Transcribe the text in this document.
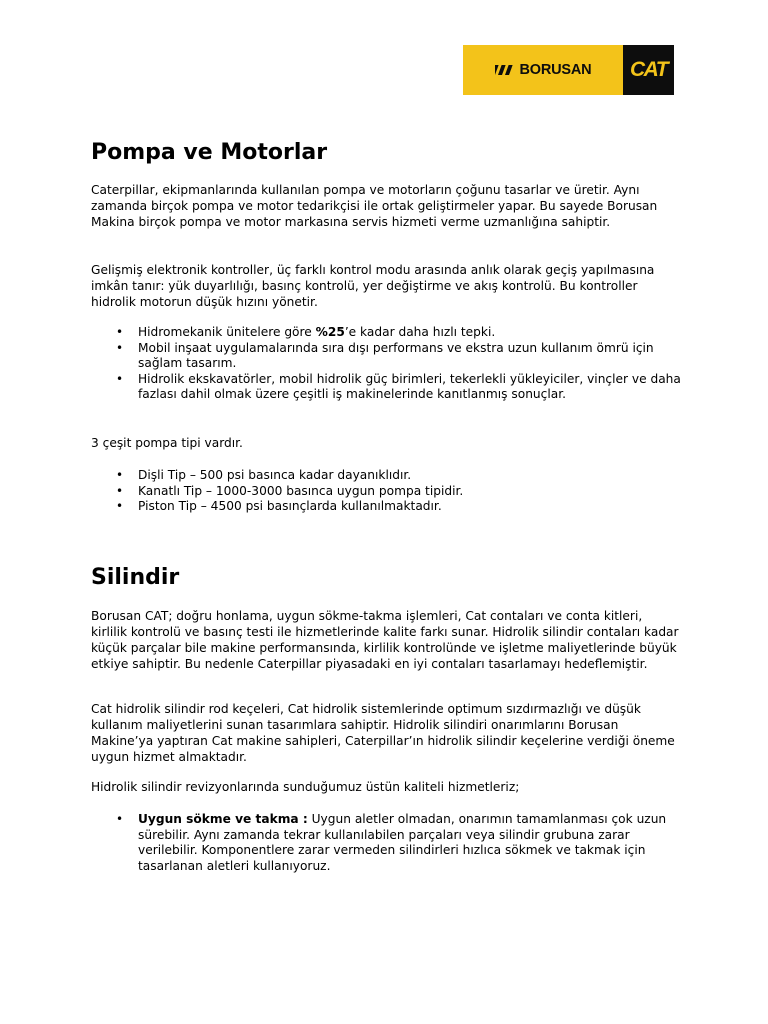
BORUSAN CAT
Pompa ve Motorlar

Caterpillar, ekipmanlarında kullanılan pompa ve motorların çoğunu tasarlar ve üretir. Aynı zamanda birçok pompa ve motor tedarikçisi ile ortak geliştirmeler yapar. Bu sayede Borusan Makina birçok pompa ve motor markasına servis hizmeti verme uzmanlığına sahiptir.

Gelişmiş elektronik kontroller, üç farklı kontrol modu arasında anlık olarak geçiş yapılmasına imkân tanır: yük duyarlılığı, basınç kontrolü, yer değiştirme ve akış kontrolü. Bu kontroller hidrolik motorun düşük hızını yönetir.

• Hidromekanik ünitelere göre %25’e kadar daha hızlı tepki.
• Mobil inşaat uygulamalarında sıra dışı performans ve ekstra uzun kullanım ömrü için sağlam tasarım.
• Hidrolik ekskavatörler, mobil hidrolik güç birimleri, tekerlekli yükleyiciler, vinçler ve daha fazlası dahil olmak üzere çeşitli iş makinelerinde kanıtlanmış sonuçlar.

3 çeşit pompa tipi vardır.

• Dişli Tip – 500 psi basınca kadar dayanıklıdır.
• Kanatlı Tip – 1000-3000 basınca uygun pompa tipidir.
• Piston Tip – 4500 psi basınçlarda kullanılmaktadır.
Silindir

Borusan CAT; doğru honlama, uygun sökme-takma işlemleri, Cat contaları ve conta kitleri, kirlilik kontrolü ve basınç testi ile hizmetlerinde kalite farkı sunar. Hidrolik silindir contaları kadar küçük parçalar bile makine performansında, kirlilik kontrolünde ve işletme maliyetlerinde büyük etkiye sahiptir. Bu nedenle Caterpillar piyasadaki en iyi contaları tasarlamayı hedeflemiştir.

Cat hidrolik silindir rod keçeleri, Cat hidrolik sistemlerinde optimum sızdırmazlığı ve düşük kullanım maliyetlerini sunan tasarımlara sahiptir. Hidrolik silindiri onarımlarını Borusan Makine’ya yaptıran Cat makine sahipleri, Caterpillar’ın hidrolik silindir keçelerine verdiği öneme uygun hizmet almaktadır.

Hidrolik silindir revizyonlarında sunduğumuz üstün kaliteli hizmetleriz;

• Uygun sökme ve takma : Uygun aletler olmadan, onarımın tamamlanması çok uzun sürebilir. Aynı zamanda tekrar kullanılabilen parçaları veya silindir grubuna zarar verilebilir. Komponentlere zarar vermeden silindirleri hızlıca sökmek ve takmak için tasarlanan aletleri kullanıyoruz.
